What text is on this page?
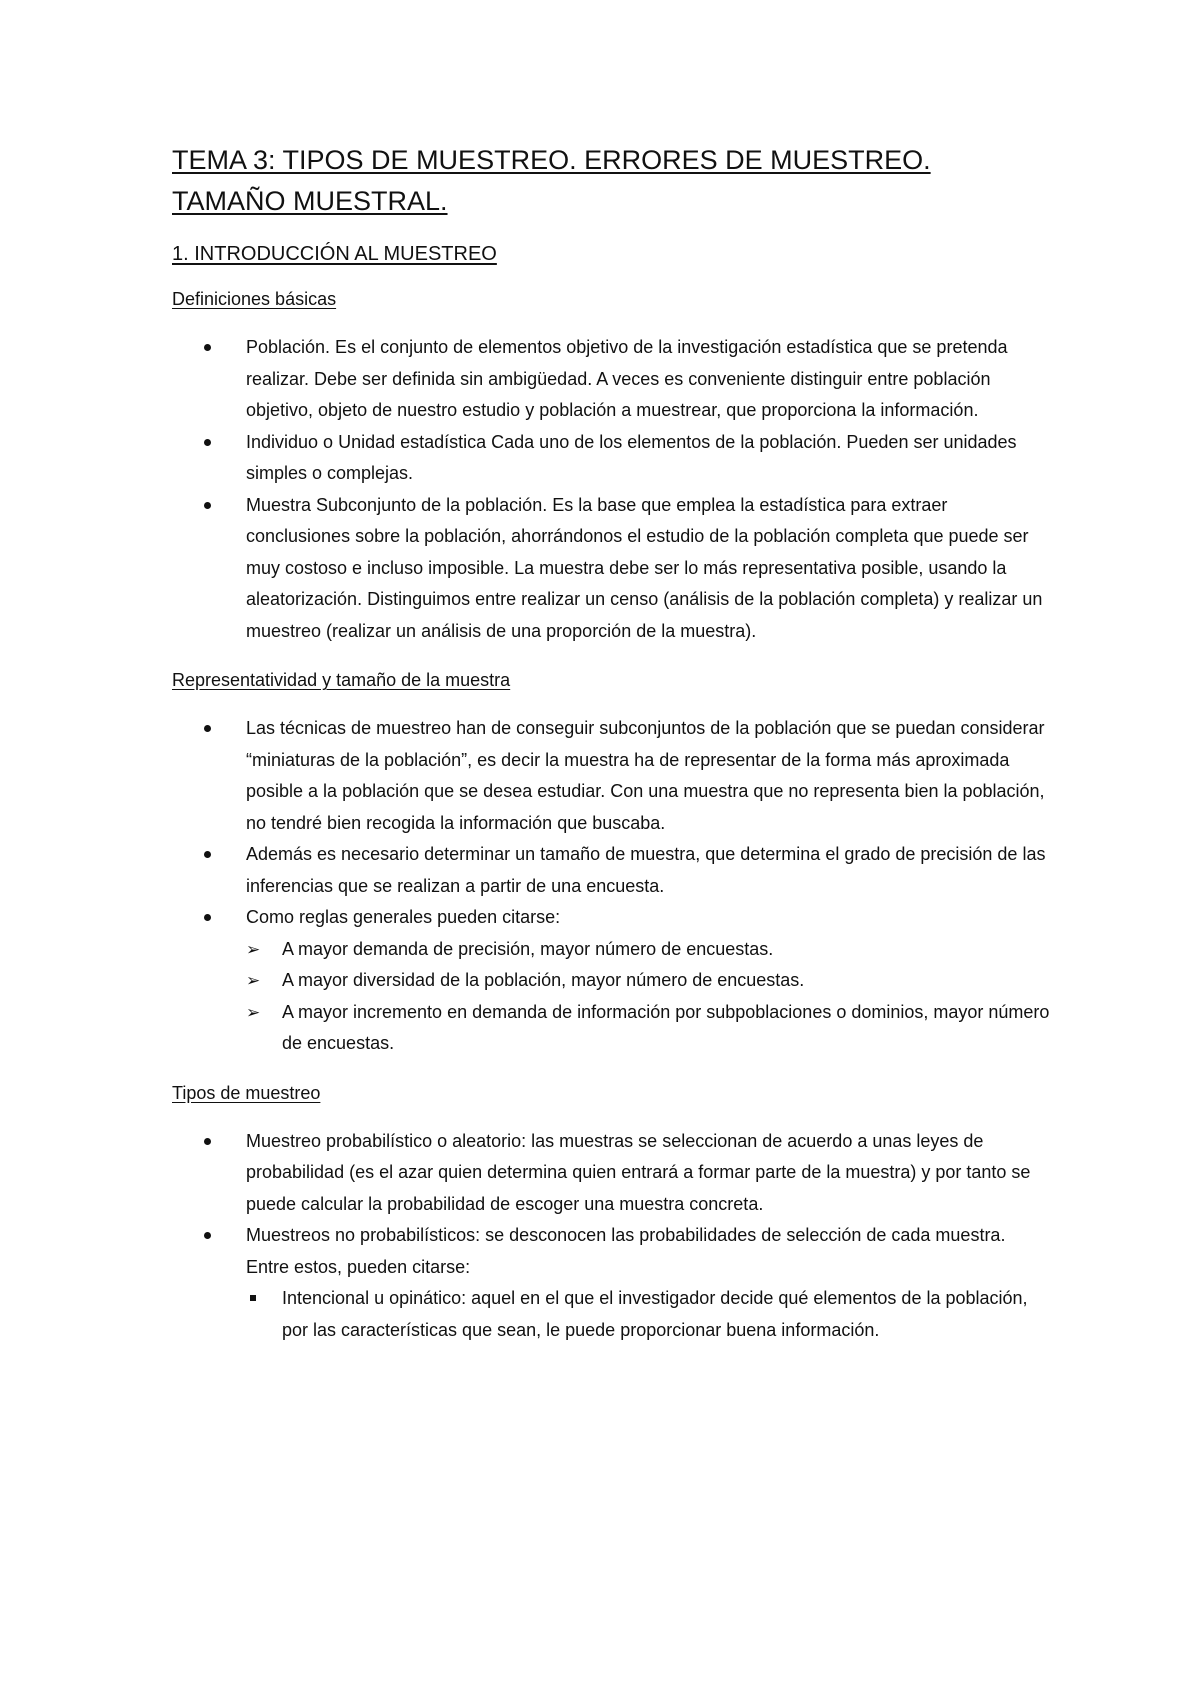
TEMA 3: TIPOS DE MUESTREO. ERRORES DE MUESTREO.
TAMAÑO MUESTRAL.
1. INTRODUCCIÓN AL MUESTREO
Definiciones básicas
Población. Es el conjunto de elementos objetivo de la investigación estadística que se pretenda realizar. Debe ser definida sin ambigüedad. A veces es conveniente distinguir entre población objetivo, objeto de nuestro estudio y población a muestrear, que proporciona la información.
Individuo o Unidad estadística Cada uno de los elementos de la población. Pueden ser unidades simples o complejas.
Muestra Subconjunto de la población. Es la base que emplea la estadística para extraer conclusiones sobre la población, ahorrándonos el estudio de la población completa que puede ser muy costoso e incluso imposible. La muestra debe ser lo más representativa posible, usando la aleatorización. Distinguimos entre realizar un censo (análisis de la población completa) y realizar un muestreo (realizar un análisis de una proporción de la muestra).
Representatividad y tamaño de la muestra
Las técnicas de muestreo han de conseguir subconjuntos de la población que se puedan considerar “miniaturas de la población”, es decir la muestra ha de representar de la forma más aproximada posible a la población que se desea estudiar. Con una muestra que no representa bien la población, no tendré bien recogida la información que buscaba.
Además es necesario determinar un tamaño de muestra, que determina el grado de precisión de las inferencias que se realizan a partir de una encuesta.
Como reglas generales pueden citarse:
➢ A mayor demanda de precisión, mayor número de encuestas.
➢ A mayor diversidad de la población, mayor número de encuestas.
➢ A mayor incremento en demanda de información por subpoblaciones o dominios, mayor número de encuestas.
Tipos de muestreo
Muestreo probabilístico o aleatorio: las muestras se seleccionan de acuerdo a unas leyes de probabilidad (es el azar quien determina quien entrará a formar parte de la muestra) y por tanto se puede calcular la probabilidad de escoger una muestra concreta.
Muestreos no probabilísticos: se desconocen las probabilidades de selección de cada muestra. Entre estos, pueden citarse:
Intencional u opinático: aquel en el que el investigador decide qué elementos de la población, por las características que sean, le puede proporcionar buena información.
